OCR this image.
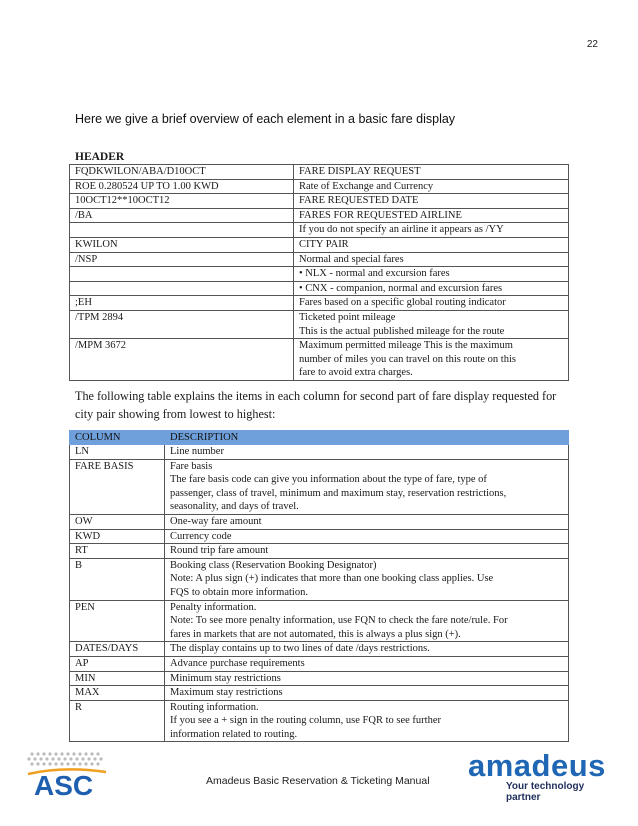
22
Here we give a brief overview of each element in a basic fare display
HEADER
FQDKWILON/ABA/D10OCT	FARE DISPLAY REQUEST

ROE 0.280524 UP TO 1.00 KWD	Rate of Exchange and Currency

10OCT12**10OCT12	FARE REQUESTED DATE

/BA	FARES FOR REQUESTED AIRLINE

	If you do not specify an airline it appears as /YY

KWILON	CITY PAIR

/NSP	Normal and special fares

	• NLX - normal and excursion fares

	• CNX - companion, normal and excursion fares

;EH	Fares based on a specific global routing indicator

/TPM 2894	Ticketed point mileage
This is the actual published mileage for the route

/MPM 3672	Maximum permitted mileage This is the maximum
number of miles you can travel on this route on this
fare to avoid extra charges.
The following table explains the items in each column for second part of fare display requested for city pair showing from lowest to highest:
COLUMN	DESCRIPTION
LN	Line number

FARE BASIS	Fare basis
The fare basis code can give you information about the type of fare, type of
passenger, class of travel, minimum and maximum stay, reservation restrictions,
seasonality, and days of travel.

OW	One-way fare amount

KWD	Currency code

RT	Round trip fare amount

B	Booking class (Reservation Booking Designator)
Note: A plus sign (+) indicates that more than one booking class applies. Use
FQS to obtain more information.

PEN	Penalty information.
Note: To see more penalty information, use FQN to check the fare note/rule. For
fares in markets that are not automated, this is always a plus sign (+).

DATES/DAYS	The display contains up to two lines of date /days restrictions.

AP	Advance purchase requirements

MIN	Minimum stay restrictions

MAX	Maximum stay restrictions

R	Routing information.
If you see a + sign in the routing column, use FQR to see further
information related to routing.
ASC	Amadeus Basic Reservation & Ticketing Manual amadeus
Your technology partner
